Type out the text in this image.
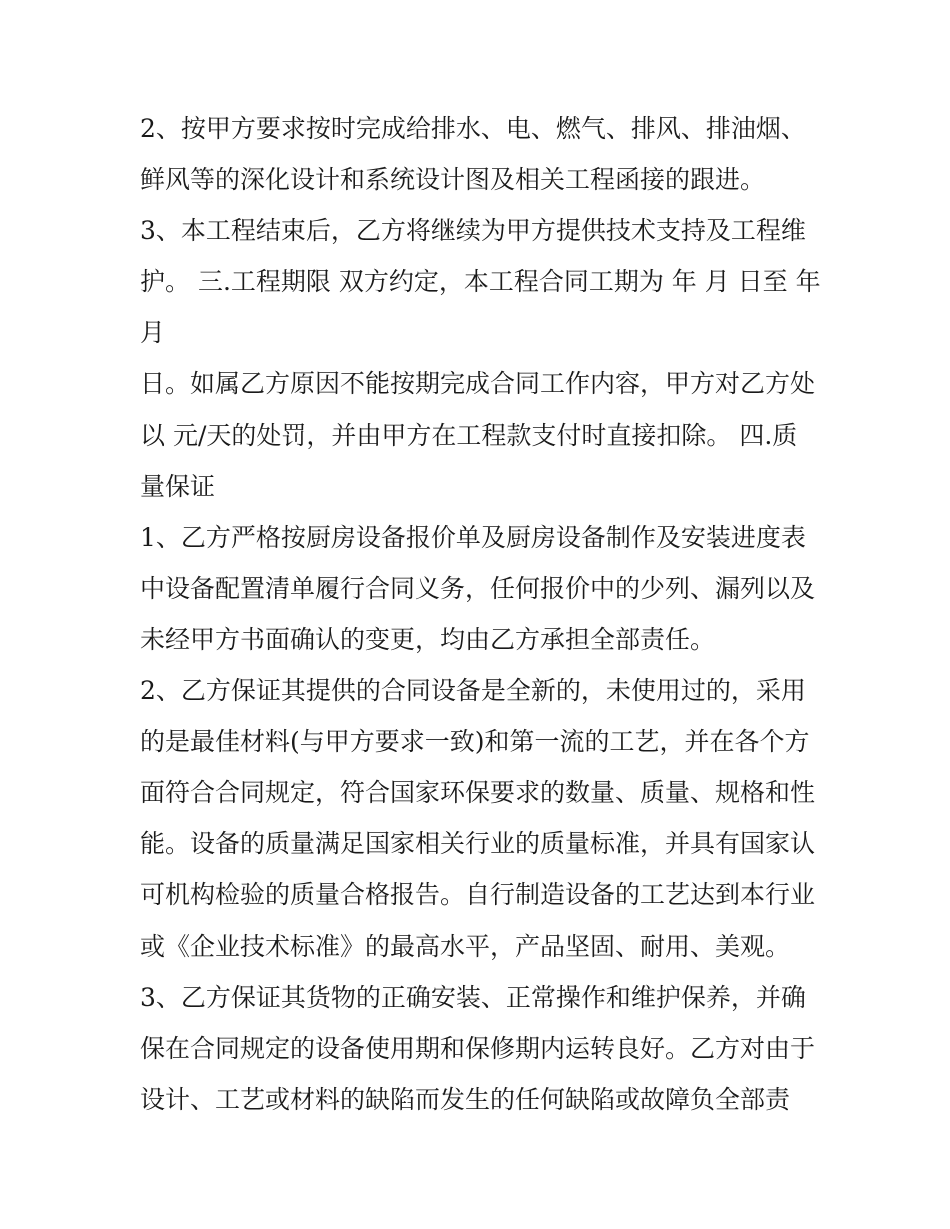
2、按甲方要求按时完成给排水、电、燃气、排风、排油烟、
鲜风等的深化设计和系统设计图及相关工程函接的跟进。
3、本工程结束后，乙方将继续为甲方提供技术支持及工程维
护。 三.工程期限 双方约定，本工程合同工期为 年 月 日至 年
月
日。如属乙方原因不能按期完成合同工作内容，甲方对乙方处
以 元/天的处罚，并由甲方在工程款支付时直接扣除。 四.质
量保证
1、乙方严格按厨房设备报价单及厨房设备制作及安装进度表
中设备配置清单履行合同义务，任何报价中的少列、漏列以及
未经甲方书面确认的变更，均由乙方承担全部责任。
2、乙方保证其提供的合同设备是全新的，未使用过的，采用
的是最佳材料(与甲方要求一致)和第一流的工艺，并在各个方
面符合合同规定，符合国家环保要求的数量、质量、规格和性
能。设备的质量满足国家相关行业的质量标准，并具有国家认
可机构检验的质量合格报告。自行制造设备的工艺达到本行业
或《企业技术标准》的最高水平，产品坚固、耐用、美观。
3、乙方保证其货物的正确安装、正常操作和维护保养，并确
保在合同规定的设备使用期和保修期内运转良好。乙方对由于
设计、工艺或材料的缺陷而发生的任何缺陷或故障负全部责
